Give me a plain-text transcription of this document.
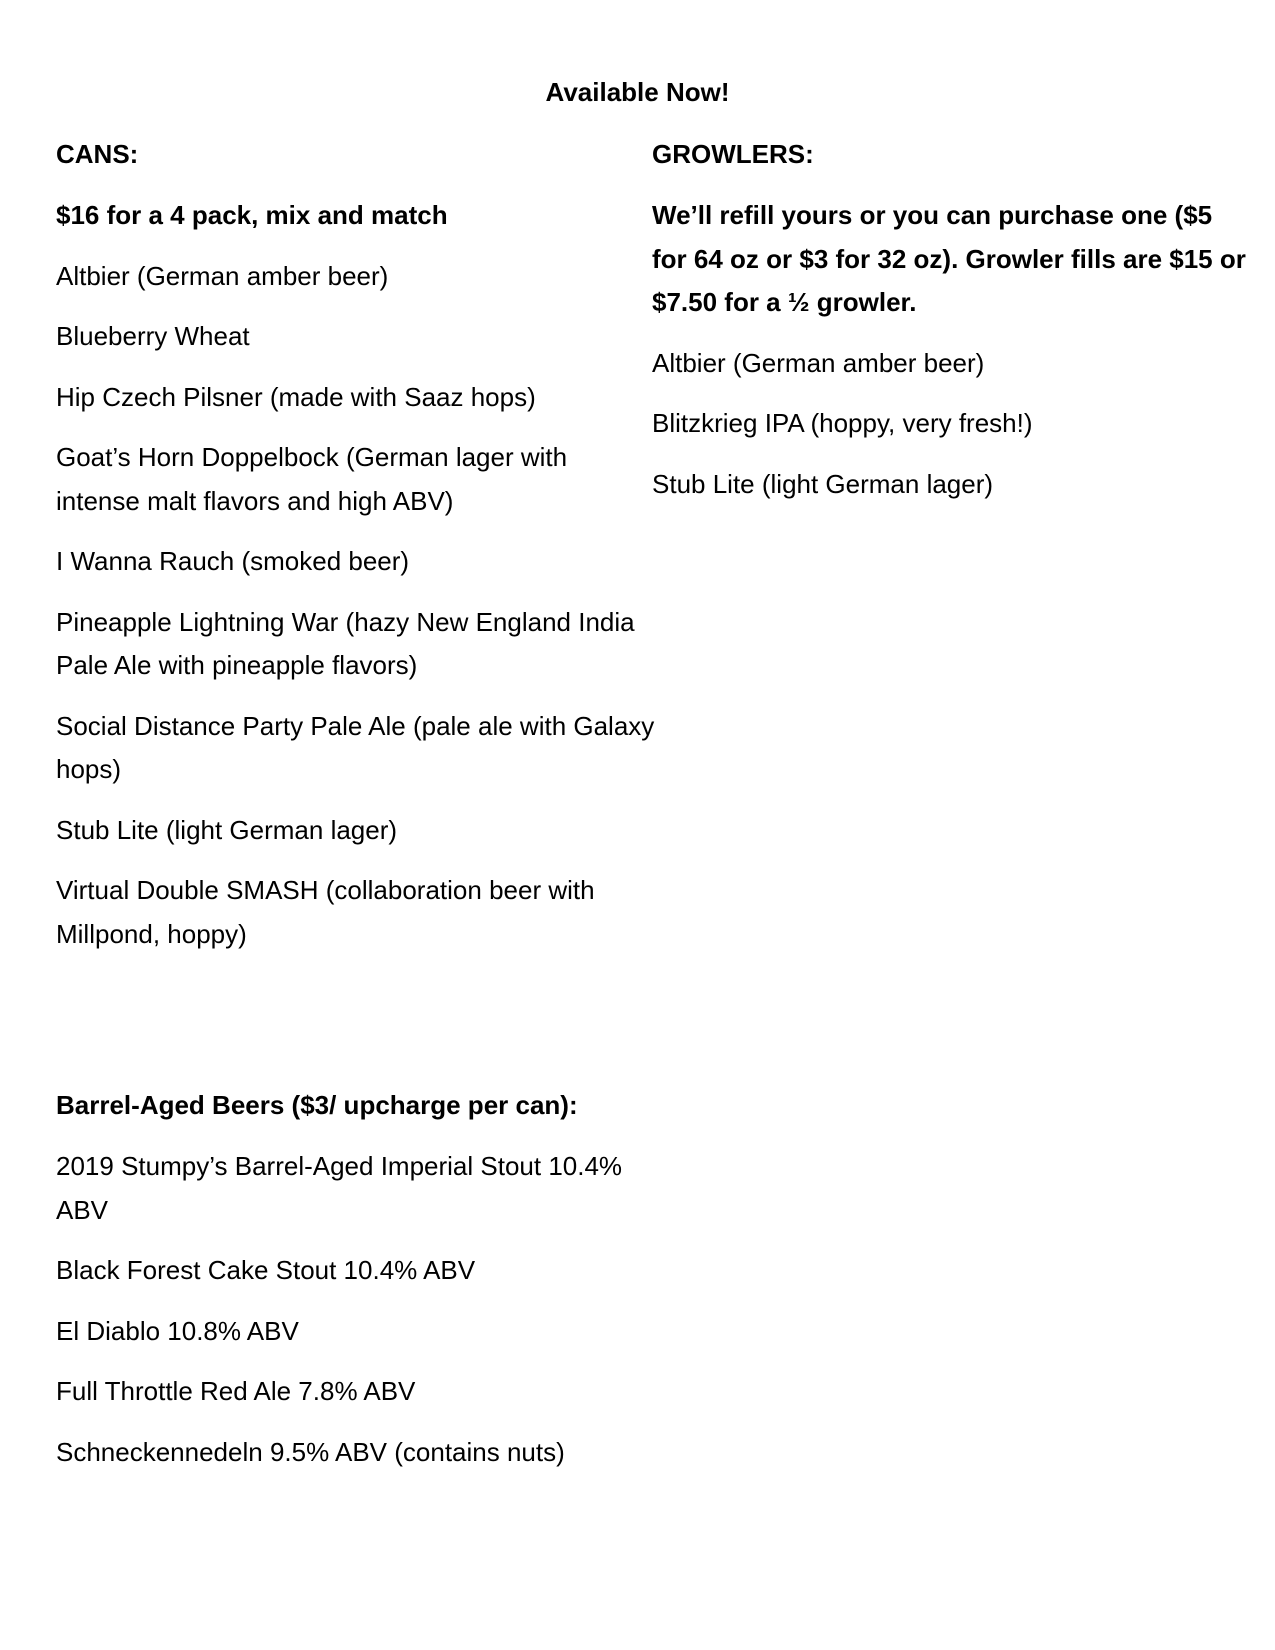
Available Now!
CANS:
$16 for a 4 pack, mix and match
Altbier (German amber beer)
Blueberry Wheat
Hip Czech Pilsner (made with Saaz hops)
Goat’s Horn Doppelbock (German lager with intense malt flavors and high ABV)
I Wanna Rauch (smoked beer)
Pineapple Lightning War (hazy New England India Pale Ale with pineapple flavors)
Social Distance Party Pale Ale (pale ale with Galaxy hops)
Stub Lite (light German lager)
Virtual Double SMASH (collaboration beer with Millpond, hoppy)
GROWLERS:
We’ll refill yours or you can purchase one ($5 for 64 oz or $3 for 32 oz). Growler fills are $15 or $7.50 for a ½ growler.
Altbier (German amber beer)
Blitzkrieg IPA (hoppy, very fresh!)
Stub Lite (light German lager)
Barrel-Aged Beers ($3/ upcharge per can):
2019 Stumpy’s Barrel-Aged Imperial Stout 10.4% ABV
Black Forest Cake Stout 10.4% ABV
El Diablo 10.8% ABV
Full Throttle Red Ale 7.8% ABV
Schneckennedeln 9.5% ABV (contains nuts)
